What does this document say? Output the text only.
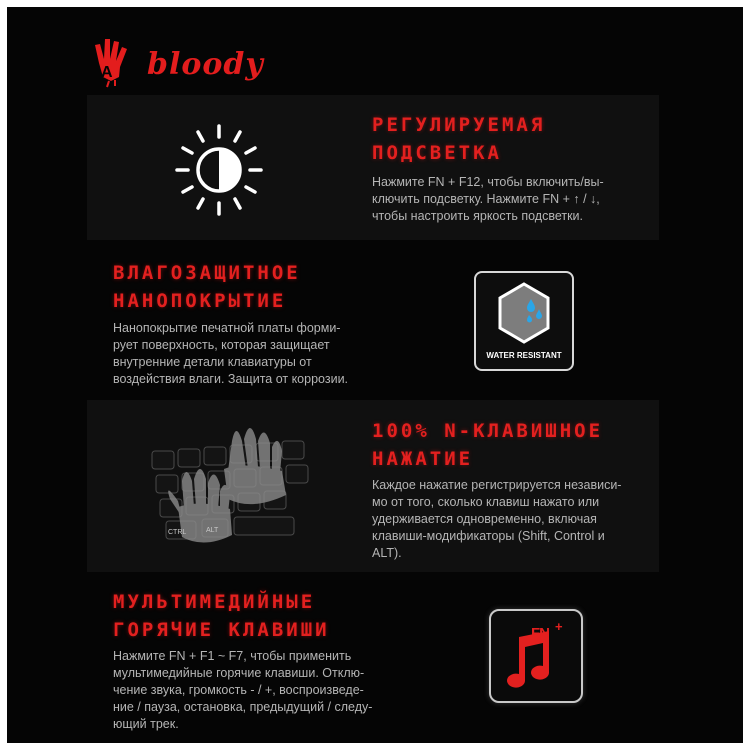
A bloody
РЕГУЛИРУЕМАЯ
ПОДСВЕТКА
Нажмите FN + F12, чтобы включить/вы-
ключить подсветку. Нажмите FN + ↑ / ↓,
чтобы настроить яркость подсветки.
ВЛАГОЗАЩИТНОЕ
НАНОПОКРЫТИЕ
Нанопокрытие печатной платы форми-
рует поверхность, которая защищает
внутренние детали клавиатуры от
воздействия влаги. Защита от коррозии.
WATER RESISTANT
CTRL	ALT
100% N-КЛАВИШНОЕ
НАЖАТИЕ
Каждое нажатие регистрируется независи-
мо от того, сколько клавиш нажато или
удерживается одновременно, включая
клавиши-модификаторы (Shift, Control и
ALT).
МУЛЬТИМЕДИЙНЫЕ
ГОРЯЧИЕ КЛАВИШИ
Нажмите FN + F1 ~ F7, чтобы применить
мультимедийные горячие клавиши. Отклю-
чение звука, громкость - / +, воспроизведе-
ние / пауза, остановка, предыдущий / следу-
ющий трек.
FN +
